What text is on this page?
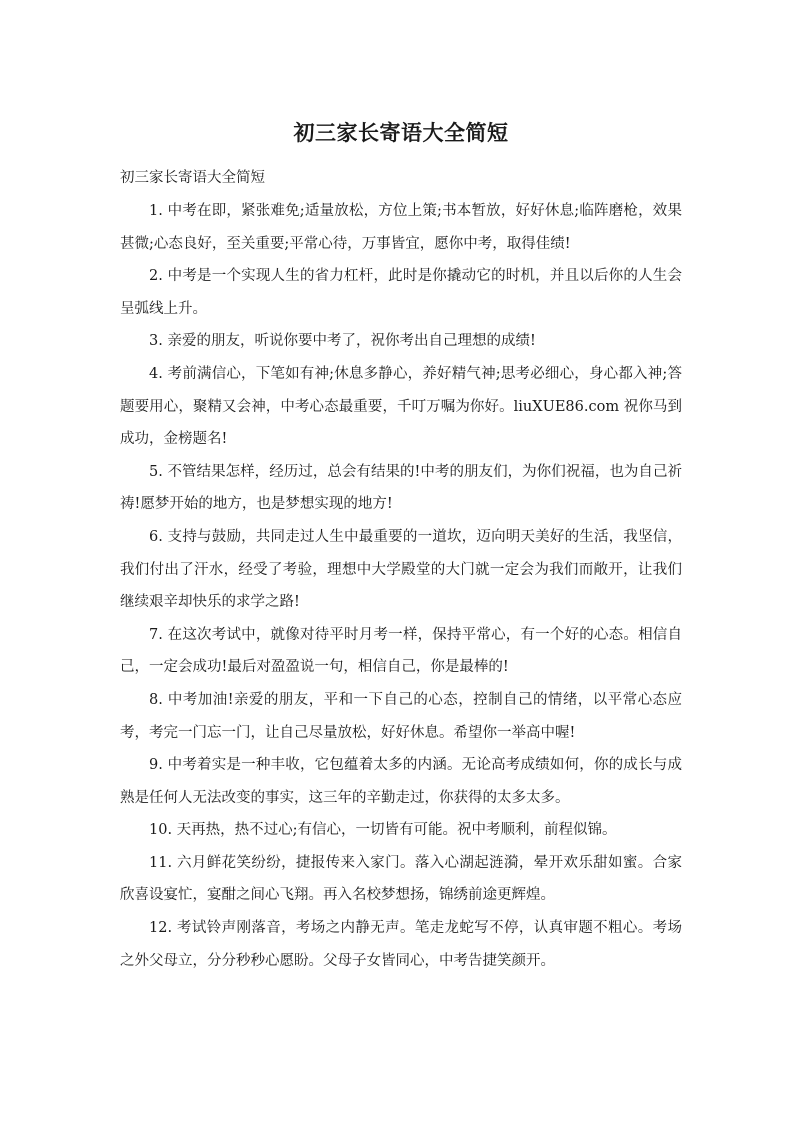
初三家长寄语大全简短

初三家长寄语大全简短

1. 中考在即，紧张难免;适量放松，方位上策;书本暂放，好好休息;临阵磨枪，效果甚微;心态良好，至关重要;平常心待，万事皆宜，愿你中考，取得佳绩!

2. 中考是一个实现人生的省力杠杆，此时是你撬动它的时机，并且以后你的人生会呈弧线上升。

3. 亲爱的朋友，听说你要中考了，祝你考出自己理想的成绩!

4. 考前满信心，下笔如有神;休息多静心，养好精气神;思考必细心，身心都入神;答题要用心，聚精又会神，中考心态最重要，千叮万嘱为你好。liuXUE86.com 祝你马到成功，金榜题名!

5. 不管结果怎样，经历过，总会有结果的!中考的朋友们，为你们祝福，也为自己祈祷!愿梦开始的地方，也是梦想实现的地方!

6. 支持与鼓励，共同走过人生中最重要的一道坎，迈向明天美好的生活，我坚信，我们付出了汗水，经受了考验，理想中大学殿堂的大门就一定会为我们而敞开，让我们继续艰辛却快乐的求学之路!

7. 在这次考试中，就像对待平时月考一样，保持平常心，有一个好的心态。相信自己，一定会成功!最后对盈盈说一句，相信自己，你是最棒的!

8. 中考加油!亲爱的朋友，平和一下自己的心态，控制自己的情绪，以平常心态应考，考完一门忘一门，让自己尽量放松，好好休息。希望你一举高中喔!

9. 中考着实是一种丰收，它包蕴着太多的内涵。无论高考成绩如何，你的成长与成熟是任何人无法改变的事实，这三年的辛勤走过，你获得的太多太多。

10. 天再热，热不过心;有信心，一切皆有可能。祝中考顺利，前程似锦。

11. 六月鲜花笑纷纷，捷报传来入家门。落入心湖起涟漪，晕开欢乐甜如蜜。合家欣喜设宴忙，宴酣之间心飞翔。再入名校梦想扬，锦绣前途更辉煌。

12. 考试铃声刚落音，考场之内静无声。笔走龙蛇写不停，认真审题不粗心。考场之外父母立，分分秒秒心愿盼。父母子女皆同心，中考告捷笑颜开。
